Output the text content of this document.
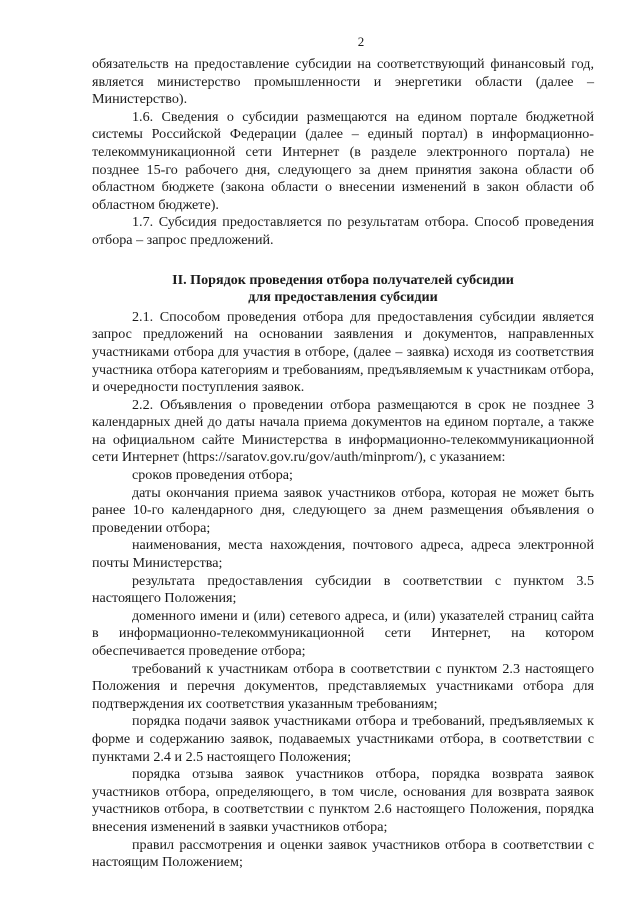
2

обязательств на предоставление субсидии на соответствующий финансовый год, является министерство промышленности и энергетики области (далее – Министерство).

1.6. Сведения о субсидии размещаются на едином портале бюджетной системы Российской Федерации (далее – единый портал) в информационно-телекоммуникационной сети Интернет (в разделе электронного портала) не позднее 15-го рабочего дня, следующего за днем принятия закона области об областном бюджете (закона области о внесении изменений в закон области об областном бюджете).

1.7. Субсидия предоставляется по результатам отбора. Способ проведения отбора – запрос предложений.

II. Порядок проведения отбора получателей субсидии
для предоставления субсидии

2.1. Способом проведения отбора для предоставления субсидии является запрос предложений на основании заявления и документов, направленных участниками отбора для участия в отборе, (далее – заявка) исходя из соответствия участника отбора категориям и требованиям, предъявляемым к участникам отбора, и очередности поступления заявок.

2.2. Объявления о проведении отбора размещаются в срок не позднее 3 календарных дней до даты начала приема документов на едином портале, а также на официальном сайте Министерства в информационно-телекоммуникационной сети Интернет (https://saratov.gov.ru/gov/auth/minprom/), с указанием:

сроков проведения отбора;

даты окончания приема заявок участников отбора, которая не может быть ранее 10-го календарного дня, следующего за днем размещения объявления о проведении отбора;

наименования, места нахождения, почтового адреса, адреса электронной почты Министерства;

результата предоставления субсидии в соответствии с пунктом 3.5 настоящего Положения;

доменного имени и (или) сетевого адреса, и (или) указателей страниц сайта в информационно-телекоммуникационной сети Интернет, на котором обеспечивается проведение отбора;

требований к участникам отбора в соответствии с пунктом 2.3 настоящего Положения и перечня документов, представляемых участниками отбора для подтверждения их соответствия указанным требованиям;

порядка подачи заявок участниками отбора и требований, предъявляемых к форме и содержанию заявок, подаваемых участниками отбора, в соответствии с пунктами 2.4 и 2.5 настоящего Положения;

порядка отзыва заявок участников отбора, порядка возврата заявок участников отбора, определяющего, в том числе, основания для возврата заявок участников отбора, в соответствии с пунктом 2.6 настоящего Положения, порядка внесения изменений в заявки участников отбора;

правил рассмотрения и оценки заявок участников отбора в соответствии с настоящим Положением;
